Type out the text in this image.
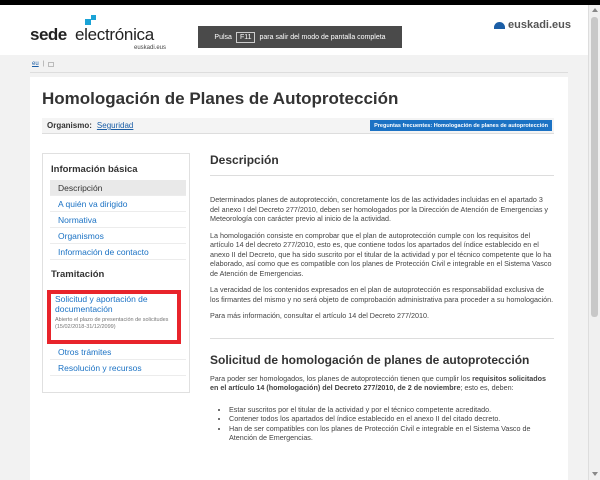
sede electrónica
euskadi.eus
Pulsa	F11	para salir del modo de pantalla completa
euskadi.eus
eu |
Homologación de Planes de Autoprotección
Organismo: Seguridad	Preguntas frecuentes: Homologación de planes de autoprotección
Información básica
Descripción
A quién va dirigido
Normativa
Organismos
Información de contacto
Tramitación
Solicitud y aportación de documentación
Abierto el plazo de presentación de solicitudes (15/02/2018-31/12/2099)
Otros trámites
Resolución y recursos
Descripción

Determinados planes de autoprotección, concretamente los de las actividades incluidas en el apartado 3 del anexo I del Decreto 277/2010, deben ser homologados por la Dirección de Atención de Emergencias y Meteorología con carácter previo al inicio de la actividad.

La homologación consiste en comprobar que el plan de autoprotección cumple con los requisitos del artículo 14 del decreto 277/2010, esto es, que contiene todos los apartados del índice establecido en el anexo II del Decreto, que ha sido suscrito por el titular de la actividad y por el técnico competente que lo ha elaborado, así como que es compatible con los planes de Protección Civil e integrable en el Sistema Vasco de Atención de Emergencias.

La veracidad de los contenidos expresados en el plan de autoprotección es responsabilidad exclusiva de los firmantes del mismo y no será objeto de comprobación administrativa para proceder a su homologación.

Para más información, consultar el artículo 14 del Decreto 277/2010.

Solicitud de homologación de planes de autoprotección

Para poder ser homologados, los planes de autoprotección tienen que cumplir los requisitos solicitados en el artículo 14 (homologación) del Decreto 277/2010, de 2 de noviembre; esto es, deben:

• Estar suscritos por el titular de la actividad y por el técnico competente acreditado.
• Contener todos los apartados del índice establecido en el anexo II del citado decreto.
• Han de ser compatibles con los planes de Protección Civil e integrable en el Sistema Vasco de Atención de Emergencias.
